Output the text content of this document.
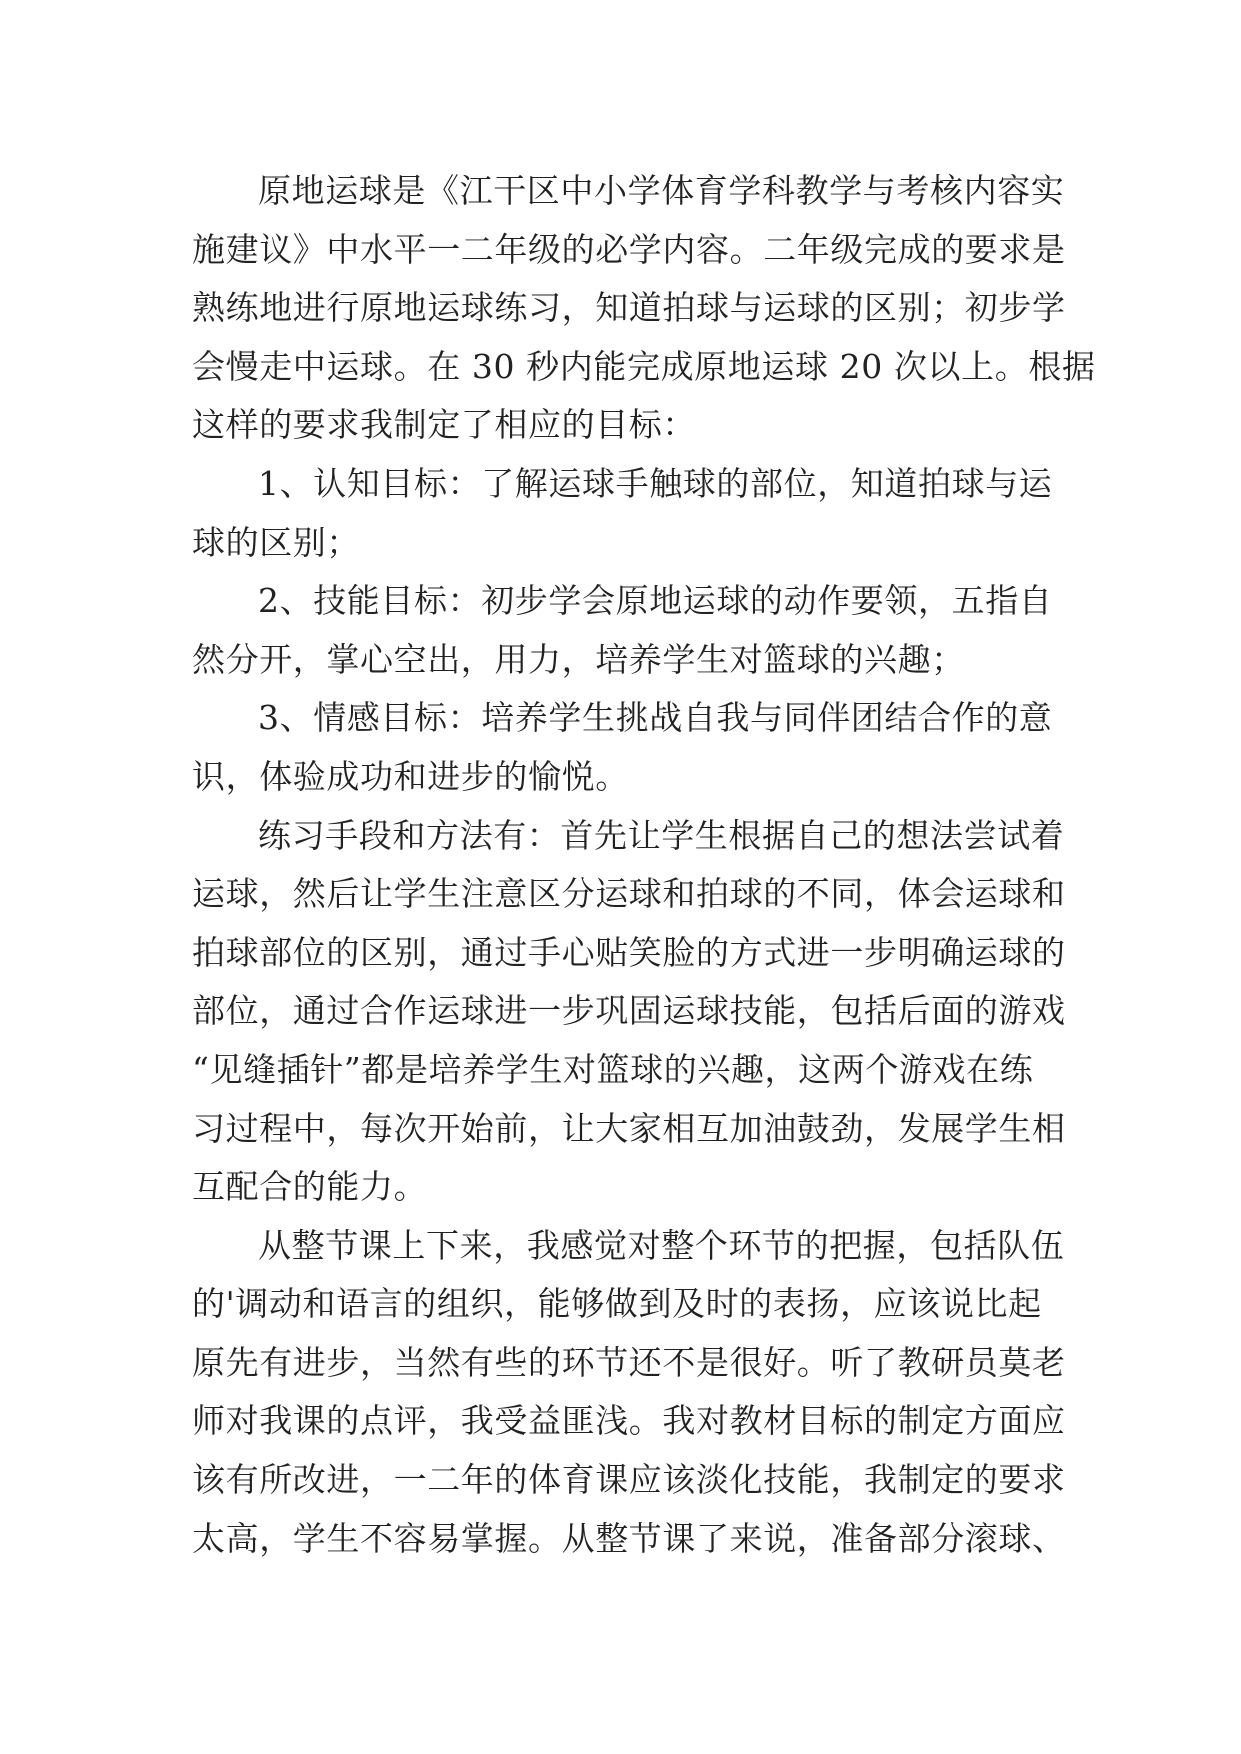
原地运球是《江干区中小学体育学科教学与考核内容实
施建议》中水平一二年级的必学内容。二年级完成的要求是
熟练地进行原地运球练习，知道拍球与运球的区别；初步学
会慢走中运球。在 30 秒内能完成原地运球 20 次以上。根据
这样的要求我制定了相应的目标：
1、认知目标：了解运球手触球的部位，知道拍球与运
球的区别；
2、技能目标：初步学会原地运球的动作要领，五指自
然分开，掌心空出，用力，培养学生对篮球的兴趣；
3、情感目标：培养学生挑战自我与同伴团结合作的意
识，体验成功和进步的愉悦。
练习手段和方法有：首先让学生根据自己的想法尝试着
运球，然后让学生注意区分运球和拍球的不同，体会运球和
拍球部位的区别，通过手心贴笑脸的方式进一步明确运球的
部位，通过合作运球进一步巩固运球技能，包括后面的游戏
“见缝插针”都是培养学生对篮球的兴趣，这两个游戏在练
习过程中，每次开始前，让大家相互加油鼓劲，发展学生相
互配合的能力。
从整节课上下来，我感觉对整个环节的把握，包括队伍
的'调动和语言的组织，能够做到及时的表扬，应该说比起
原先有进步，当然有些的环节还不是很好。听了教研员莫老
师对我课的点评，我受益匪浅。我对教材目标的制定方面应
该有所改进，一二年的体育课应该淡化技能，我制定的要求
太高，学生不容易掌握。从整节课了来说，准备部分滚球、
